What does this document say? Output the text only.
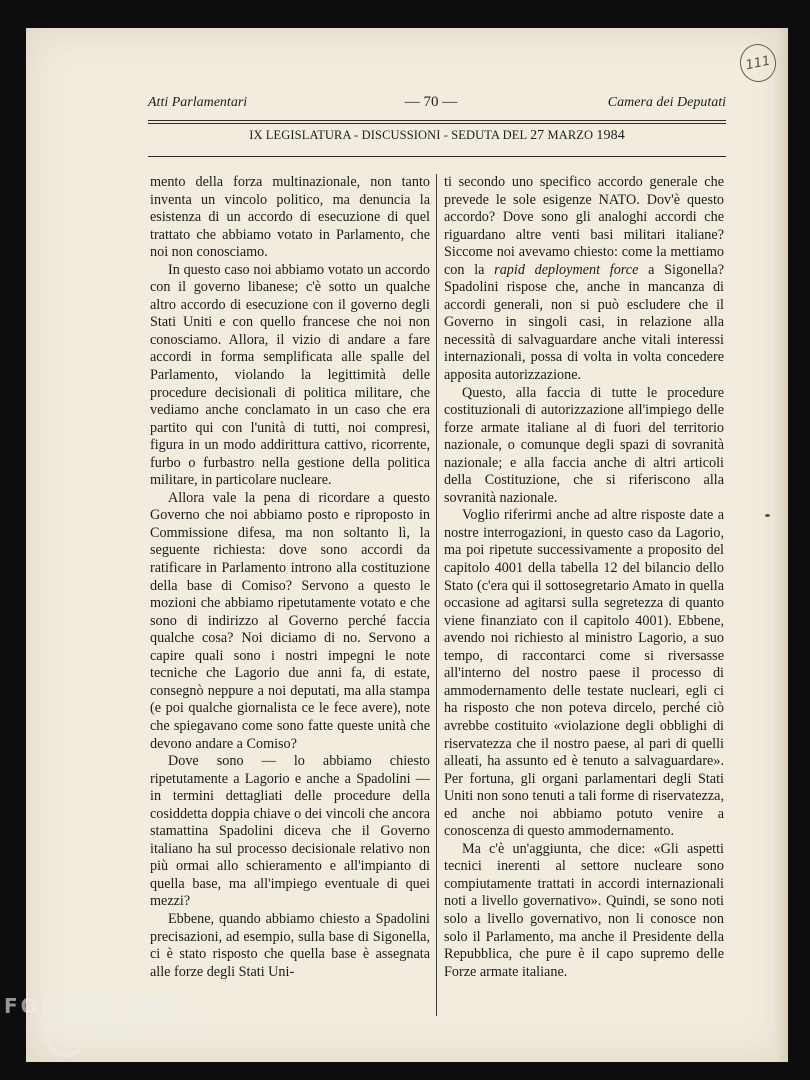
111
Atti Parlamentari	— 70 —	Camera dei Deputati
IX LEGISLATURA - DISCUSSIONI - SEDUTA DEL 27 MARZO 1984

mento della forza multinazionale, non tanto inventa un vincolo politico, ma denuncia la esistenza di un accordo di esecuzione di quel trattato che abbiamo votato in Parlamento, che noi non conosciamo.

In questo caso noi abbiamo votato un accordo con il governo libanese; c'è sotto un qualche altro accordo di esecuzione con il governo degli Stati Uniti e con quello francese che noi non conosciamo. Allora, il vizio di andare a fare accordi in forma semplificata alle spalle del Parlamento, violando la legittimità delle procedure decisionali di politica militare, che vediamo anche conclamato in un caso che era partito qui con l'unità di tutti, noi compresi, figura in un modo addirittura cattivo, ricorrente, furbo o furbastro nella gestione della politica militare, in particolare nucleare.

Allora vale la pena di ricordare a questo Governo che noi abbiamo posto e riproposto in Commissione difesa, ma non soltanto lì, la seguente richiesta: dove sono accordi da ratificare in Parlamento introno alla costituzione della base di Comiso? Servono a questo le mozioni che abbiamo ripetutamente votato e che sono di indirizzo al Governo perché faccia qualche cosa? Noi diciamo di no. Servono a capire quali sono i nostri impegni le note tecniche che Lagorio due anni fa, di estate, consegnò neppure a noi deputati, ma alla stampa (e poi qualche giornalista ce le fece avere), note che spiegavano come sono fatte queste unità che devono andare a Comiso?

Dove sono — lo abbiamo chiesto ripetutamente a Lagorio e anche a Spadolini — in termini dettagliati delle procedure della cosiddetta doppia chiave o dei vincoli che ancora stamattina Spadolini diceva che il Governo italiano ha sul processo decisionale relativo non più ormai allo schieramento e all'impianto di quella base, ma all'impiego eventuale di quei mezzi?

Ebbene, quando abbiamo chiesto a Spadolini precisazioni, ad esempio, sulla base di Sigonella, ci è stato risposto che quella base è assegnata alle forze degli Stati Uni-

ti secondo uno specifico accordo generale che prevede le sole esigenze NATO. Dov'è questo accordo? Dove sono gli analoghi accordi che riguardano altre venti basi militari italiane? Siccome noi avevamo chiesto: come la mettiamo con la rapid deployment force a Sigonella? Spadolini rispose che, anche in mancanza di accordi generali, non si può escludere che il Governo in singoli casi, in relazione alla necessità di salvaguardare anche vitali interessi internazionali, possa di volta in volta concedere apposita autorizzazione.

Questo, alla faccia di tutte le procedure costituzionali di autorizzazione all'impiego delle forze armate italiane al di fuori del territorio nazionale, o comunque degli spazi di sovranità nazionale; e alla faccia anche di altri articoli della Costituzione, che si riferiscono alla sovranità nazionale.

Voglio riferirmi anche ad altre risposte date a nostre interrogazioni, in questo caso da Lagorio, ma poi ripetute successivamente a proposito del capitolo 4001 della tabella 12 del bilancio dello Stato (c'era qui il sottosegretario Amato in quella occasione ad agitarsi sulla segretezza di quanto viene finanziato con il capitolo 4001). Ebbene, avendo noi richiesto al ministro Lagorio, a suo tempo, di raccontarci come si riversasse all'interno del nostro paese il processo di ammodernamento delle testate nucleari, egli ci ha risposto che non poteva dircelo, perché ciò avrebbe costituito «violazione degli obblighi di riservatezza che il nostro paese, al pari di quelli alleati, ha assunto ed è tenuto a salvaguardare». Per fortuna, gli organi parlamentari degli Stati Uniti non sono tenuti a tali forme di riservatezza, ed anche noi abbiamo potuto venire a conoscenza di questo ammodernamento.

Ma c'è un'aggiunta, che dice: «Gli aspetti tecnici inerenti al settore nucleare sono compiutamente trattati in accordi internazionali noti a livello governativo». Quindi, se sono noti solo a livello governativo, non li conosce non solo il Parlamento, ma anche il Presidente della Repubblica, che pure è il capo supremo delle Forze armate italiane.

FONDAZIONE
GRAMSCI
